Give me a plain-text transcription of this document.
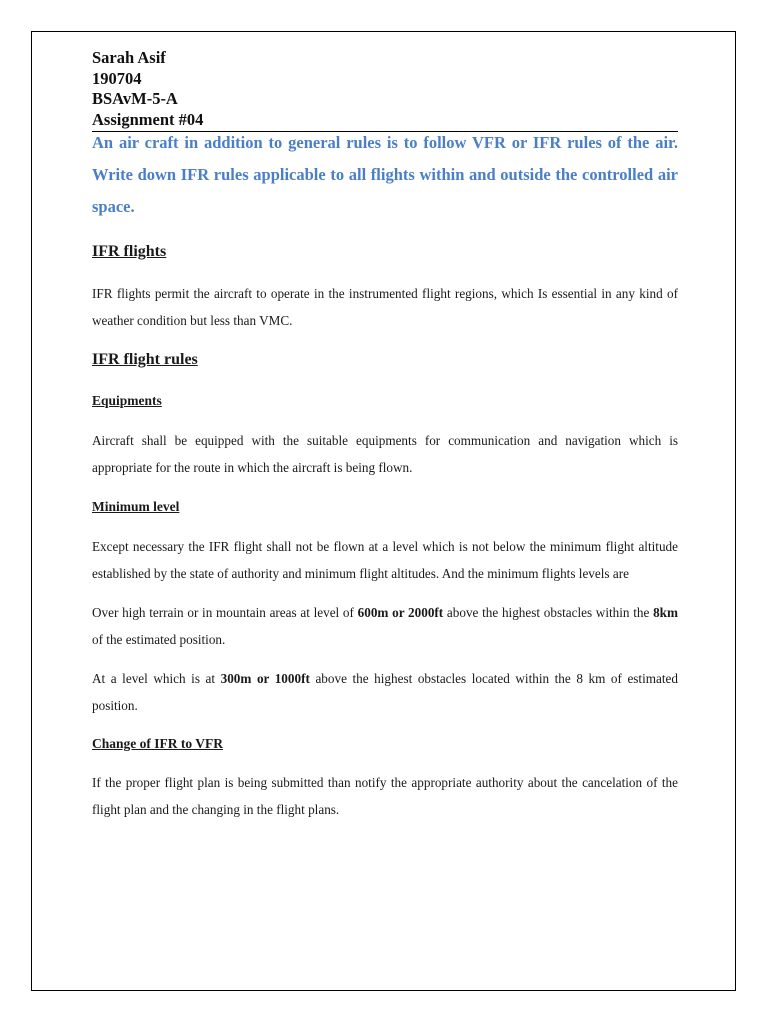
Sarah Asif
190704
BSAvM-5-A
Assignment #04
An air craft in addition to general rules is to follow VFR or IFR rules of the air. Write down IFR rules applicable to all flights within and outside the controlled air space.
IFR flights
IFR flights permit the aircraft to operate in the instrumented flight regions, which Is essential in any kind of weather condition but less than VMC.
IFR flight rules
Equipments
Aircraft shall be equipped with the suitable equipments for communication and navigation which is appropriate for the route in which the aircraft is being flown.
Minimum level
Except necessary the IFR flight shall not be flown at a level which is not below the minimum flight altitude established by the state of authority and minimum flight altitudes. And the minimum flights levels are
Over high terrain or in mountain areas at level of 600m or 2000ft above the highest obstacles within the 8km of the estimated position.
At a level which is at 300m or 1000ft above the highest obstacles located within the 8 km of estimated position.
Change of IFR to VFR
If the proper flight plan is being submitted than notify the appropriate authority about the cancelation of the flight plan and the changing in the flight plans.
